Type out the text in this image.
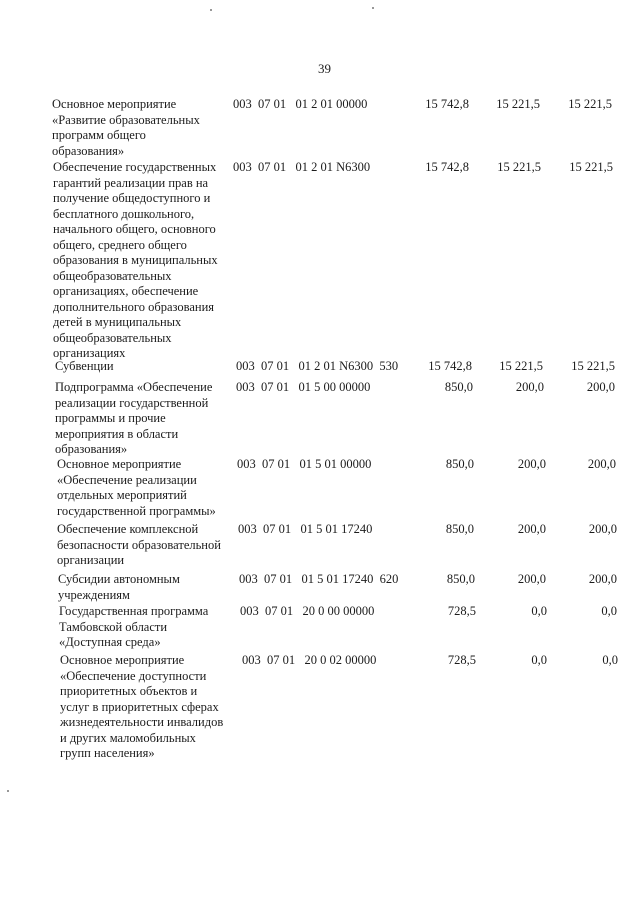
39
Основное мероприятие
«Развитие образовательных
программ общего
образования»
003  07 01   01 2 01 00000	15 742,8	15 221,5	15 221,5
Обеспечение государственных
гарантий реализации прав на
получение общедоступного и
бесплатного дошкольного,
начального общего, основного
общего, среднего общего
образования в муниципальных
общеобразовательных
организациях, обеспечение
дополнительного образования
детей в муниципальных
общеобразовательных
организациях
003  07 01   01 2 01 N6300	15 742,8	15 221,5	15 221,5
Субвенции	003  07 01   01 2 01 N6300  530	15 742,8	15 221,5	15 221,5
Подпрограмма «Обеспечение
реализации государственной
программы и прочие
мероприятия в области
образования»
003  07 01   01 5 00 00000	850,0	200,0	200,0
Основное мероприятие
«Обеспечение реализации
отдельных мероприятий
государственной программы»
003  07 01   01 5 01 00000	850,0	200,0	200,0
Обеспечение комплексной
безопасности образовательной
организации
003  07 01   01 5 01 17240	850,0	200,0	200,0
Субсидии автономным
учреждениям
003  07 01   01 5 01 17240  620	850,0	200,0	200,0
Государственная программа
Тамбовской области
«Доступная среда»
003  07 01   20 0 00 00000	728,5	0,0	0,0
Основное мероприятие
«Обеспечение доступности
приоритетных объектов и
услуг в приоритетных сферах
жизнедеятельности инвалидов
и других маломобильных
групп населения»
003  07 01   20 0 02 00000	728,5	0,0	0,0
